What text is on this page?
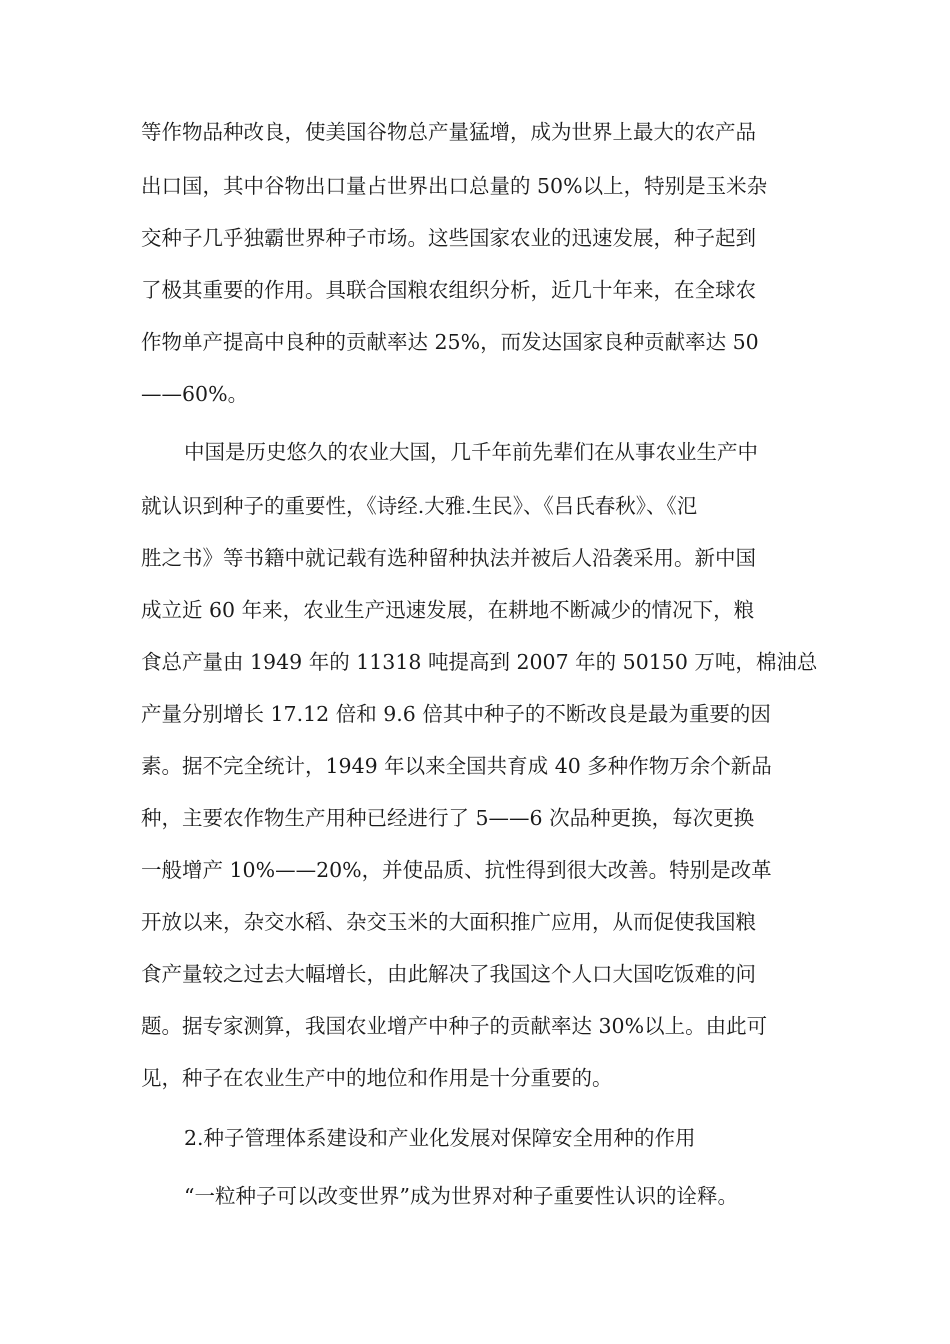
等作物品种改良，使美国谷物总产量猛增，成为世界上最大的农产品
出口国，其中谷物出口量占世界出口总量的 50%以上，特别是玉米杂
交种子几乎独霸世界种子市场。这些国家农业的迅速发展，种子起到
了极其重要的作用。具联合国粮农组织分析，近几十年来，在全球农
作物单产提高中良种的贡献率达 25%，而发达国家良种贡献率达 50
——60%。
中国是历史悠久的农业大国，几千年前先辈们在从事农业生产中
就认识到种子的重要性，《诗经.大雅.生民》、《吕氏春秋》、《氾
胜之书》等书籍中就记载有选种留种执法并被后人沿袭采用。新中国
成立近 60 年来，农业生产迅速发展，在耕地不断减少的情况下，粮
食总产量由 1949 年的 11318 吨提高到 2007 年的 50150 万吨，棉油总
产量分别增长 17.12 倍和 9.6 倍其中种子的不断改良是最为重要的因
素。据不完全统计，1949 年以来全国共育成 40 多种作物万余个新品
种，主要农作物生产用种已经进行了 5——6 次品种更换，每次更换
一般增产 10%——20%，并使品质、抗性得到很大改善。特别是改革
开放以来，杂交水稻、杂交玉米的大面积推广应用，从而促使我国粮
食产量较之过去大幅增长，由此解决了我国这个人口大国吃饭难的问
题。据专家测算，我国农业增产中种子的贡献率达 30%以上。由此可
见，种子在农业生产中的地位和作用是十分重要的。
2.种子管理体系建设和产业化发展对保障安全用种的作用
“一粒种子可以改变世界”成为世界对种子重要性认识的诠释。
